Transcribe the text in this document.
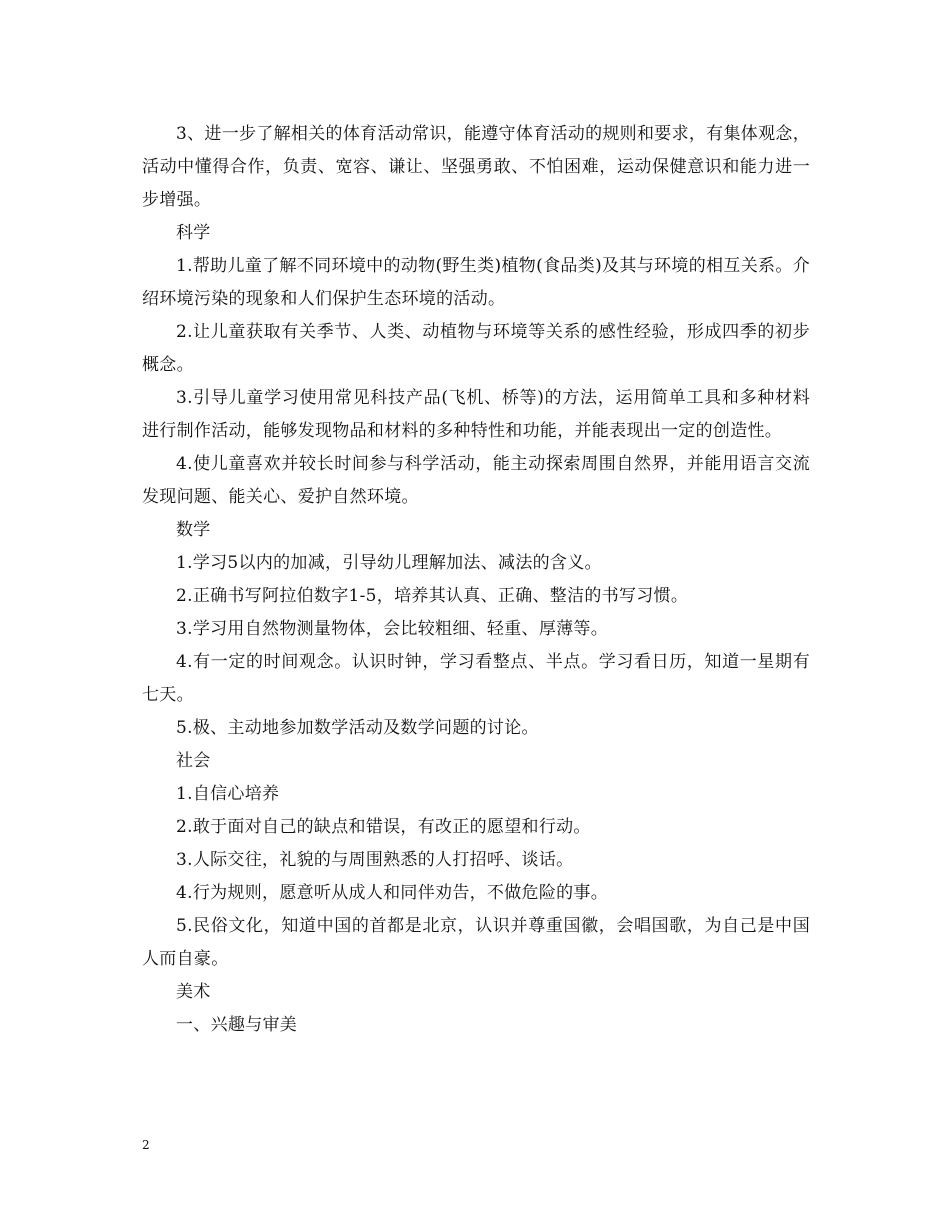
3、进一步了解相关的体育活动常识，能遵守体育活动的规则和要求，有集体观念，活动中懂得合作，负责、宽容、谦让、坚强勇敢、不怕困难，运动保健意识和能力进一步增强。

科学

1.帮助儿童了解不同环境中的动物(野生类)植物(食品类)及其与环境的相互关系。介绍环境污染的现象和人们保护生态环境的活动。

2.让儿童获取有关季节、人类、动植物与环境等关系的感性经验，形成四季的初步概念。

3.引导儿童学习使用常见科技产品(飞机、桥等)的方法，运用简单工具和多种材料进行制作活动，能够发现物品和材料的多种特性和功能，并能表现出一定的创造性。

4.使儿童喜欢并较长时间参与科学活动，能主动探索周围自然界，并能用语言交流发现问题、能关心、爱护自然环境。

数学

1.学习5以内的加减，引导幼儿理解加法、减法的含义。

2.正确书写阿拉伯数字1-5，培养其认真、正确、整洁的书写习惯。

3.学习用自然物测量物体，会比较粗细、轻重、厚薄等。

4.有一定的时间观念。认识时钟，学习看整点、半点。学习看日历，知道一星期有七天。

5.极、主动地参加数学活动及数学问题的讨论。

社会

1.自信心培养

2.敢于面对自己的缺点和错误，有改正的愿望和行动。

3.人际交往，礼貌的与周围熟悉的人打招呼、谈话。

4.行为规则，愿意听从成人和同伴劝告，不做危险的事。

5.民俗文化，知道中国的首都是北京，认识并尊重国徽，会唱国歌，为自己是中国人而自豪。

美术

一、兴趣与审美

2
